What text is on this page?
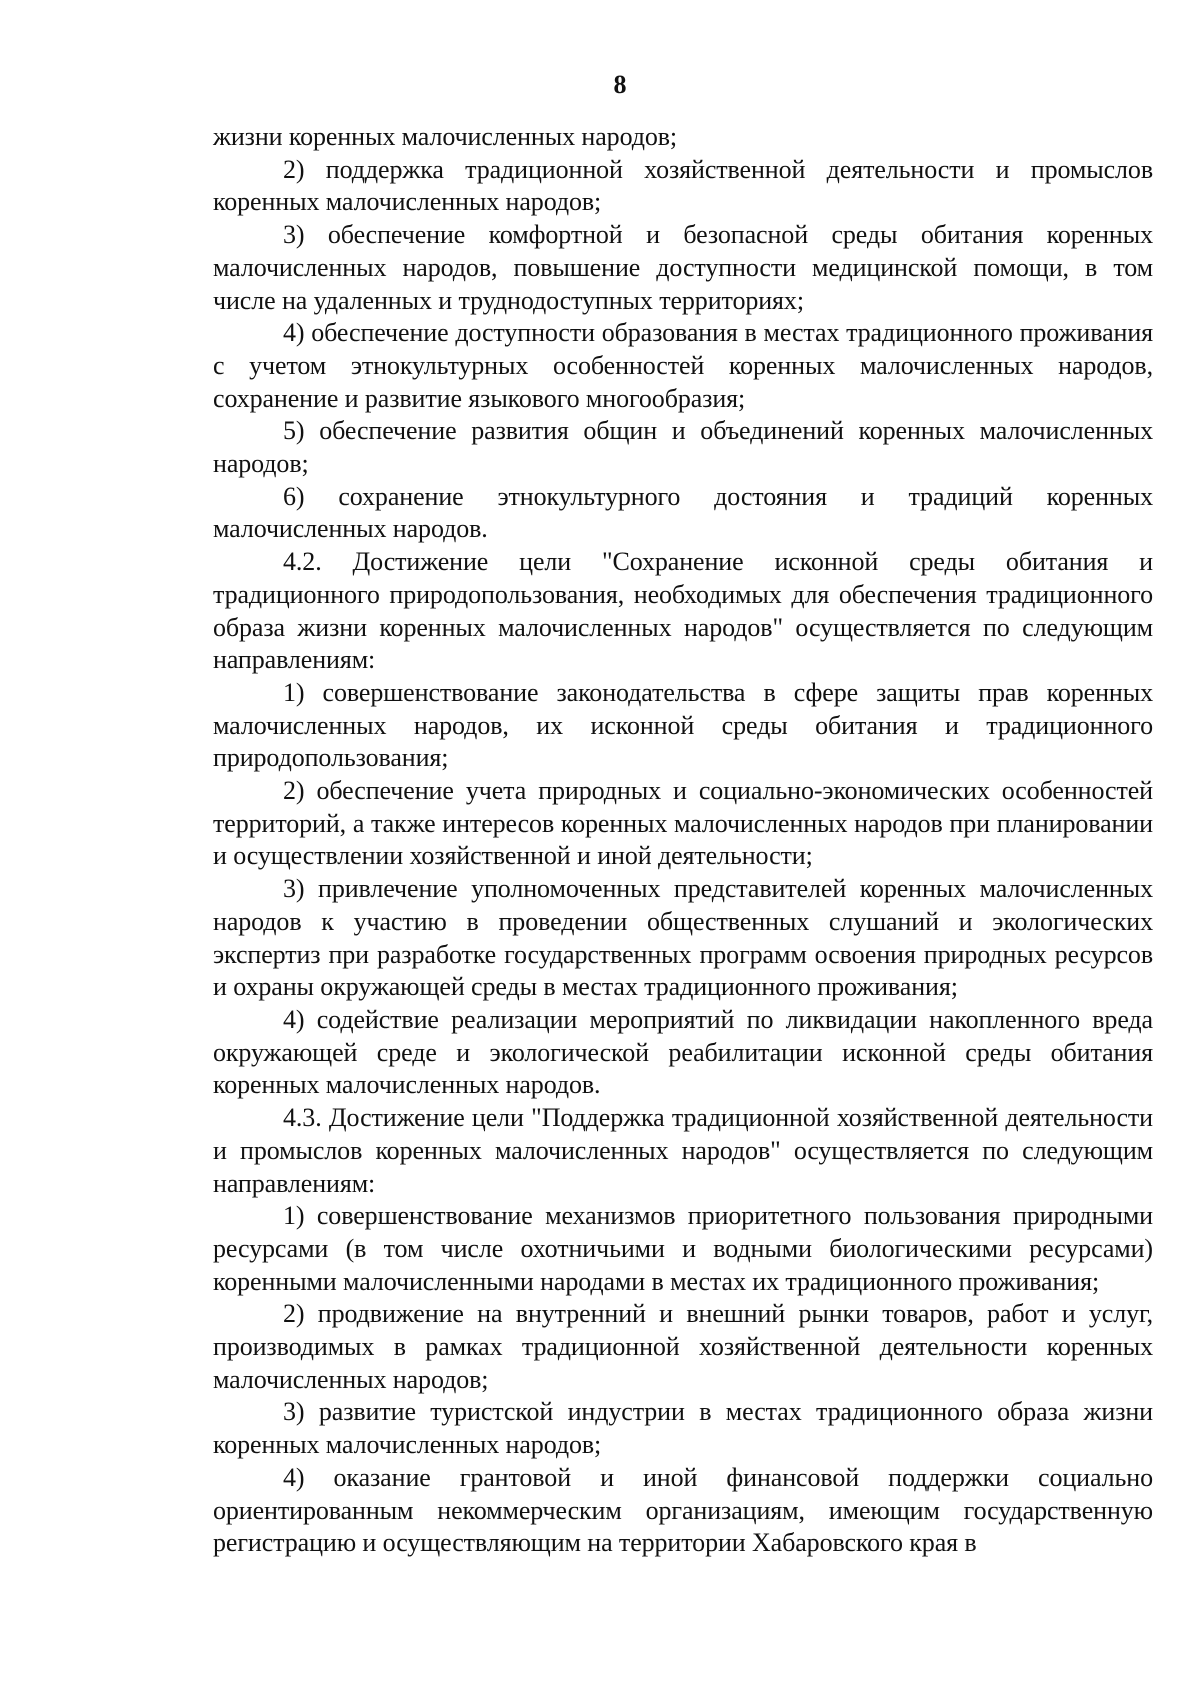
8

жизни коренных малочисленных народов;

2) поддержка традиционной хозяйственной деятельности и промыслов коренных малочисленных народов;

3) обеспечение комфортной и безопасной среды обитания коренных малочисленных народов, повышение доступности медицинской помощи, в том числе на удаленных и труднодоступных территориях;

4) обеспечение доступности образования в местах традиционного проживания с учетом этнокультурных особенностей коренных малочисленных народов, сохранение и развитие языкового многообразия;

5) обеспечение развития общин и объединений коренных малочисленных народов;

6) сохранение этнокультурного достояния и традиций коренных малочисленных народов.

4.2. Достижение цели "Сохранение исконной среды обитания и традиционного природопользования, необходимых для обеспечения традиционного образа жизни коренных малочисленных народов" осуществляется по следующим направлениям:

1) совершенствование законодательства в сфере защиты прав коренных малочисленных народов, их исконной среды обитания и традиционного природопользования;

2) обеспечение учета природных и социально-экономических особенностей территорий, а также интересов коренных малочисленных народов при планировании и осуществлении хозяйственной и иной деятельности;

3) привлечение уполномоченных представителей коренных малочисленных народов к участию в проведении общественных слушаний и экологических экспертиз при разработке государственных программ освоения природных ресурсов и охраны окружающей среды в местах традиционного проживания;

4) содействие реализации мероприятий по ликвидации накопленного вреда окружающей среде и экологической реабилитации исконной среды обитания коренных малочисленных народов.

4.3. Достижение цели "Поддержка традиционной хозяйственной деятельности и промыслов коренных малочисленных народов" осуществляется по следующим направлениям:

1) совершенствование механизмов приоритетного пользования природными ресурсами (в том числе охотничьими и водными биологическими ресурсами) коренными малочисленными народами в местах их традиционного проживания;

2) продвижение на внутренний и внешний рынки товаров, работ и услуг, производимых в рамках традиционной хозяйственной деятельности коренных малочисленных народов;

3) развитие туристской индустрии в местах традиционного образа жизни коренных малочисленных народов;

4) оказание грантовой и иной финансовой поддержки социально ориентированным некоммерческим организациям, имеющим государственную регистрацию и осуществляющим на территории Хабаровского края в
